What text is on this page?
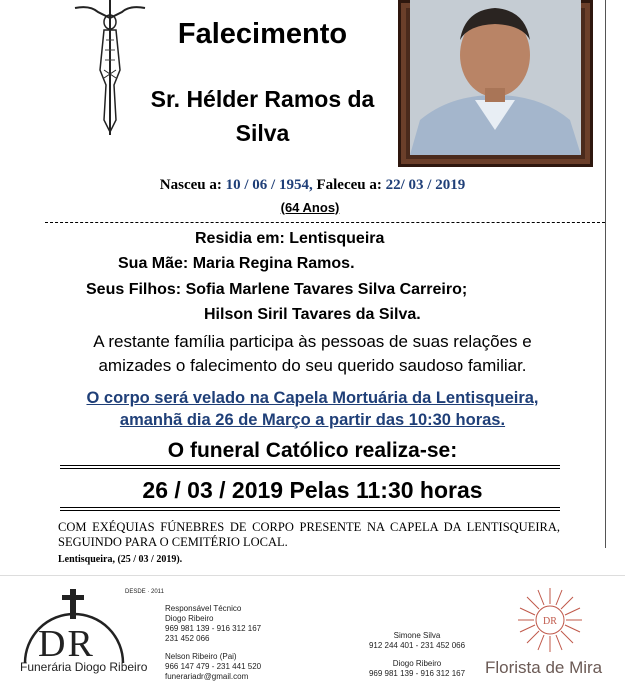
Falecimento
Sr. Hélder Ramos da
Silva
Nasceu a: 10 / 06 / 1954, Faleceu a: 22/ 03 / 2019
(64 Anos)
Residia em: Lentisqueira
Sua Mãe: Maria Regina Ramos.
Seus Filhos: Sofia Marlene Tavares Silva Carreiro;
Hilson Siril Tavares da Silva.
A restante família participa às pessoas de suas relações e
amizades o falecimento do seu querido saudoso familiar.
O corpo será velado na Capela Mortuária da Lentisqueira,
amanhã dia 26 de Março a partir das 10:30 horas.
O funeral Católico realiza-se:
26 / 03 / 2019 Pelas 11:30 horas
COM EXÉQUIAS FÚNEBRES DE CORPO PRESENTE NA CAPELA DA LENTISQUEIRA, SEGUINDO PARA O CEMITÉRIO LOCAL.
Lentisqueira, (25 / 03 / 2019).
DESDE · 2011
DR
Funerária Diogo Ribeiro
Responsável Técnico
Diogo Ribeiro
969 981 139 - 916 312 167
231 452 066
Nelson Ribeiro (Pai)
966 147 479 - 231 441 520
funerariadr@gmail.com
Simone Silva
912 244 401 - 231 452 066
Diogo Ribeiro
969 981 139 - 916 312 167
DR
Florista de Mira
